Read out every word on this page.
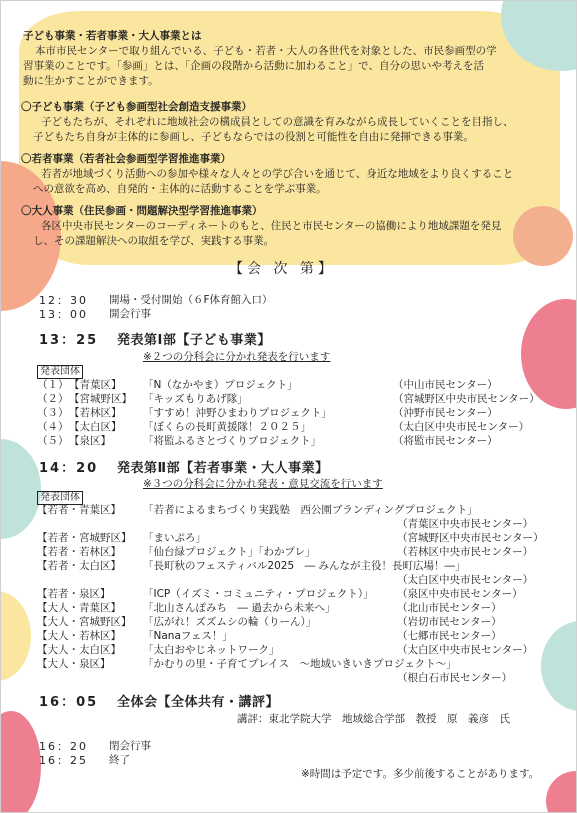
子ども事業・若者事業・大人事業とは
本市市民センターで取り組んでいる、子ども・若者・大人の各世代を対象とした、市民参画型の学
習事業のことです。「参画」とは、「企画の段階から活動に加わること」で、自分の思いや考えを活
動に生かすことができます。
〇子ども事業（子ども参画型社会創造支援事業）
子どもたちが、それぞれに地域社会の構成員としての意識を育みながら成長していくことを目指し、
子どもたち自身が主体的に参画し、子どもならではの役割と可能性を自由に発揮できる事業。
〇若者事業（若者社会参画型学習推進事業）
若者が地域づくり活動への参加や様々な人々との学び合いを通じて、身近な地域をより良くすること
への意欲を高め、自発的・主体的に活動することを学ぶ事業。
〇大人事業（住民参画・問題解決型学習推進事業）
各区中央市民センターのコーディネートのもと、住民と市民センターの協働により地域課題を発見
し、その課題解決への取組を学び、実践する事業。
【会 次 第】
12：30 開場・受付開始（６F体育館入口）
13：00 開会行事
13：25 発表第Ⅰ部【子ども事業】
※２つの分科会に分かれ発表を行います
発表団体
（１） 【青葉区】 「N（なかやま）プロジェクト」	（中山市民センター）
（２） 【宮城野区】 「キッズもりあげ隊」	（宮城野区中央市民センター）
（３） 【若林区】 「すすめ！沖野ひまわりプロジェクト」	（沖野市民センター）
（４） 【太白区】 「ぼくらの長町黄援隊！２０２５」	（太白区中央市民センター）
（５） 【泉区】	「将監ふるさとづくりプロジェクト」	（将監市民センター）
14：20 発表第Ⅱ部【若者事業・大人事業】
※３つの分科会に分かれ発表・意見交流を行います
発表団体
【若者・青葉区】 「若者によるまちづくり実践塾　西公園ブランディングプロジェクト」
（青葉区中央市民センター）
【若者・宮城野区】 「まいぷろ」	（宮城野区中央市民センター）
【若者・若林区】 「仙台緑プロジェクト」「わかプレ」	（若林区中央市民センター）
【若者・太白区】 「長町秋のフェスティバル2025　― みんなが主役！長町広場！―」
（太白区中央市民センター）
【若者・泉区】	「ICP（イズミ・コミュニティ・プロジェクト）」 （泉区中央市民センター）
【大人・青葉区】 「北山さんぽみち　― 過去から未来へ」	（北山市民センター）
【大人・宮城野区】 「広がれ！ズズムシの輪（りーん）」	（岩切市民センター）
【大人・若林区】 「Nanaフェス！」	（七郷市民センター）
【大人・太白区】 「太白おやじネットワーク」	（太白区中央市民センター）
【大人・泉区】	「かむりの里・子育てプレイス　～地域いきいきプロジェクト～」
（根白石市民センター）
16：05 全体会【全体共有・講評】
講評：東北学院大学　地域総合学部　教授　原　義彦　氏
16：20 閉会行事
16：25 終了
※時間は予定です。多少前後することがあります。
